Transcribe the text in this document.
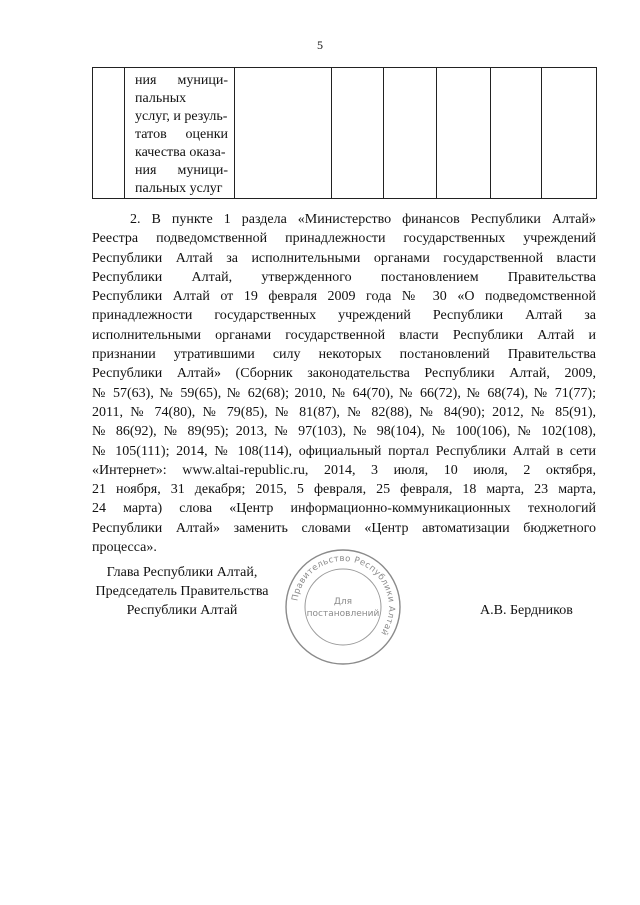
5

ния муници-
пальных
услуг, и резуль-
татов оценки
качества оказа-
ния муници-
пальных услуг

2. В пункте 1 раздела «Министерство финансов Республики Алтай»
Реестра подведомственной принадлежности государственных учреждений
Республики Алтай за исполнительными органами государственной власти
Республики Алтай, утвержденного постановлением Правительства
Республики Алтай от 19 февраля 2009 года № 30 «О подведомственной
принадлежности государственных учреждений Республики Алтай за
исполнительными органами государственной власти Республики Алтай и
признании утратившими силу некоторых постановлений Правительства
Республики Алтай» (Сборник законодательства Республики Алтай, 2009,
№ 57(63), № 59(65), № 62(68); 2010, № 64(70), № 66(72), № 68(74), № 71(77);
2011, № 74(80), № 79(85), № 81(87), № 82(88), № 84(90); 2012, № 85(91),
№ 86(92), № 89(95); 2013, № 97(103), № 98(104), № 100(106), № 102(108),
№ 105(111); 2014, № 108(114), официальный портал Республики Алтай в сети
«Интернет»: www.altai-republic.ru, 2014, 3 июля, 10 июля, 2 октября,
21 ноября, 31 декабря; 2015, 5 февраля, 25 февраля, 18 марта, 23 марта,
24 марта) слова «Центр информационно-коммуникационных технологий
Республики Алтай» заменить словами «Центр автоматизации бюджетного
процесса».
Глава Республики Алтай,
Председатель Правительства
Республики Алтай	А.В. Бердников
Правительство Республики Алтай
Для
постановлений
